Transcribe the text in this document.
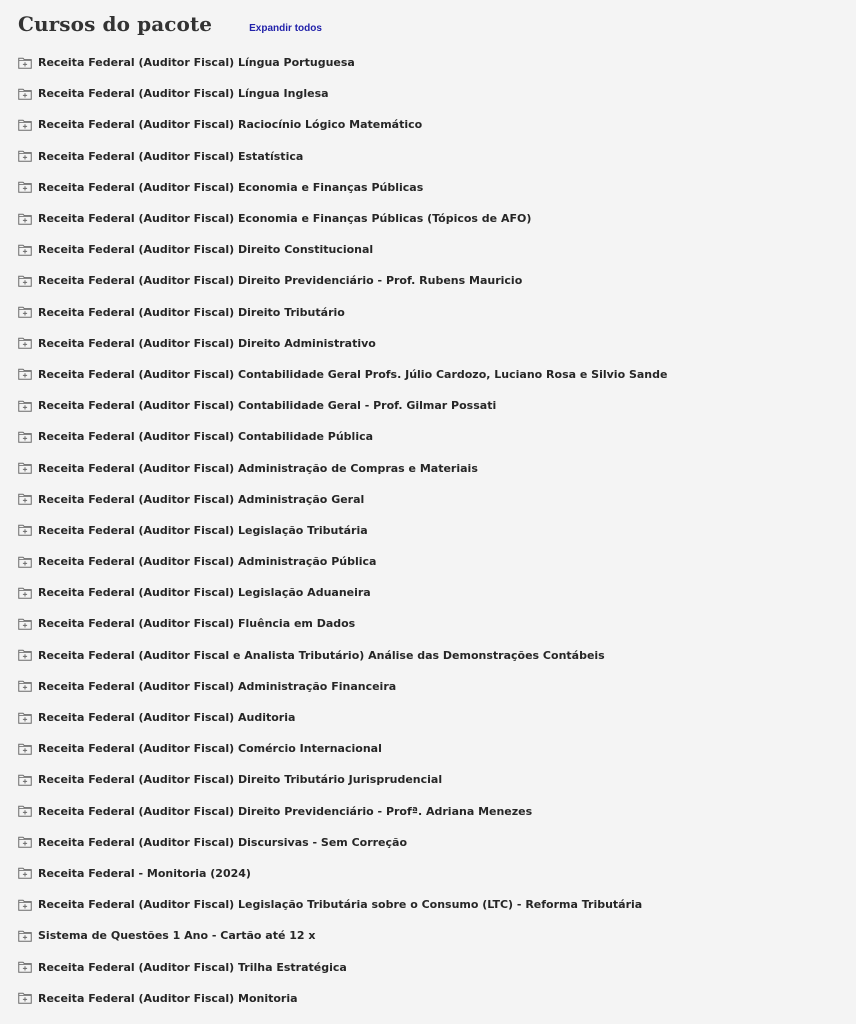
Cursos do pacote	Expandir todos
Receita Federal (Auditor Fiscal) Língua Portuguesa
Receita Federal (Auditor Fiscal) Língua Inglesa
Receita Federal (Auditor Fiscal) Raciocínio Lógico Matemático
Receita Federal (Auditor Fiscal) Estatística
Receita Federal (Auditor Fiscal) Economia e Finanças Públicas
Receita Federal (Auditor Fiscal) Economia e Finanças Públicas (Tópicos de AFO)
Receita Federal (Auditor Fiscal) Direito Constitucional
Receita Federal (Auditor Fiscal) Direito Previdenciário - Prof. Rubens Mauricio
Receita Federal (Auditor Fiscal) Direito Tributário
Receita Federal (Auditor Fiscal) Direito Administrativo
Receita Federal (Auditor Fiscal) Contabilidade Geral Profs. Júlio Cardozo, Luciano Rosa e Silvio Sande
Receita Federal (Auditor Fiscal) Contabilidade Geral - Prof. Gilmar Possati
Receita Federal (Auditor Fiscal) Contabilidade Pública
Receita Federal (Auditor Fiscal) Administração de Compras e Materiais
Receita Federal (Auditor Fiscal) Administração Geral
Receita Federal (Auditor Fiscal) Legislação Tributária
Receita Federal (Auditor Fiscal) Administração Pública
Receita Federal (Auditor Fiscal) Legislação Aduaneira
Receita Federal (Auditor Fiscal) Fluência em Dados
Receita Federal (Auditor Fiscal e Analista Tributário) Análise das Demonstrações Contábeis
Receita Federal (Auditor Fiscal) Administração Financeira
Receita Federal (Auditor Fiscal) Auditoria
Receita Federal (Auditor Fiscal) Comércio Internacional
Receita Federal (Auditor Fiscal) Direito Tributário Jurisprudencial
Receita Federal (Auditor Fiscal) Direito Previdenciário - Profª. Adriana Menezes
Receita Federal (Auditor Fiscal) Discursivas - Sem Correção
Receita Federal - Monitoria (2024)
Receita Federal (Auditor Fiscal) Legislação Tributária sobre o Consumo (LTC) - Reforma Tributária
Sistema de Questões 1 Ano - Cartão até 12 x
Receita Federal (Auditor Fiscal) Trilha Estratégica
Receita Federal (Auditor Fiscal) Monitoria
